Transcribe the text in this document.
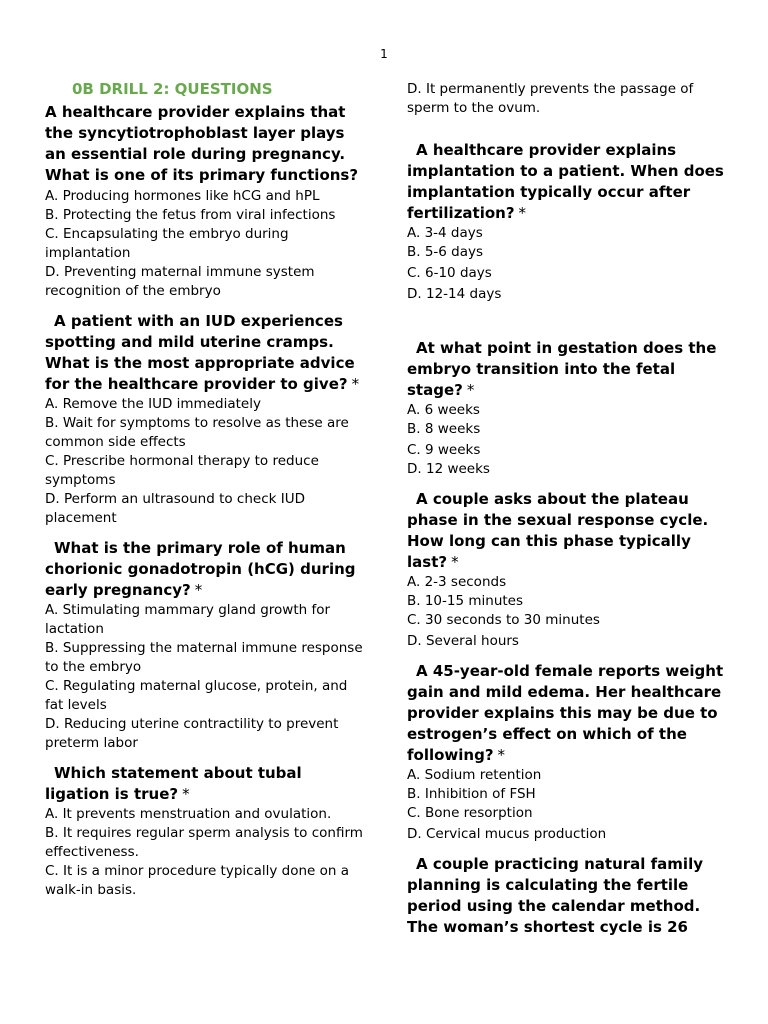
1
0B DRILL 2: QUESTIONS

A healthcare provider explains that the syncytiotrophoblast layer plays an essential role during pregnancy. What is one of its primary functions?

A. Producing hormones like hCG and hPL

B. Protecting the fetus from viral infections

C. Encapsulating the embryo during implantation

D. Preventing maternal immune system recognition of the embryo

A patient with an IUD experiences spotting and mild uterine cramps. What is the most appropriate advice for the healthcare provider to give? *

A. Remove the IUD immediately

B. Wait for symptoms to resolve as these are common side effects

C. Prescribe hormonal therapy to reduce symptoms

D. Perform an ultrasound to check IUD placement

What is the primary role of human chorionic gonadotropin (hCG) during early pregnancy? *

A. Stimulating mammary gland growth for lactation

B. Suppressing the maternal immune response to the embryo

C. Regulating maternal glucose, protein, and fat levels

D. Reducing uterine contractility to prevent preterm labor

Which statement about tubal ligation is true? *

A. It prevents menstruation and ovulation.

B. It requires regular sperm analysis to confirm effectiveness.

C. It is a minor procedure typically done on a walk-in basis.

D. It permanently prevents the passage of sperm to the ovum.

A healthcare provider explains implantation to a patient. When does implantation typically occur after fertilization? *

A. 3-4 days

B. 5-6 days

C. 6-10 days

D. 12-14 days

At what point in gestation does the embryo transition into the fetal stage? *

A. 6 weeks

B. 8 weeks

C. 9 weeks

D. 12 weeks

A couple asks about the plateau phase in the sexual response cycle. How long can this phase typically last? *

A. 2-3 seconds

B. 10-15 minutes

C. 30 seconds to 30 minutes

D. Several hours

A 45-year-old female reports weight gain and mild edema. Her healthcare provider explains this may be due to estrogen’s effect on which of the following? *

A. Sodium retention

B. Inhibition of FSH

C. Bone resorption

D. Cervical mucus production

A couple practicing natural family planning is calculating the fertile period using the calendar method. The woman’s shortest cycle is 26
